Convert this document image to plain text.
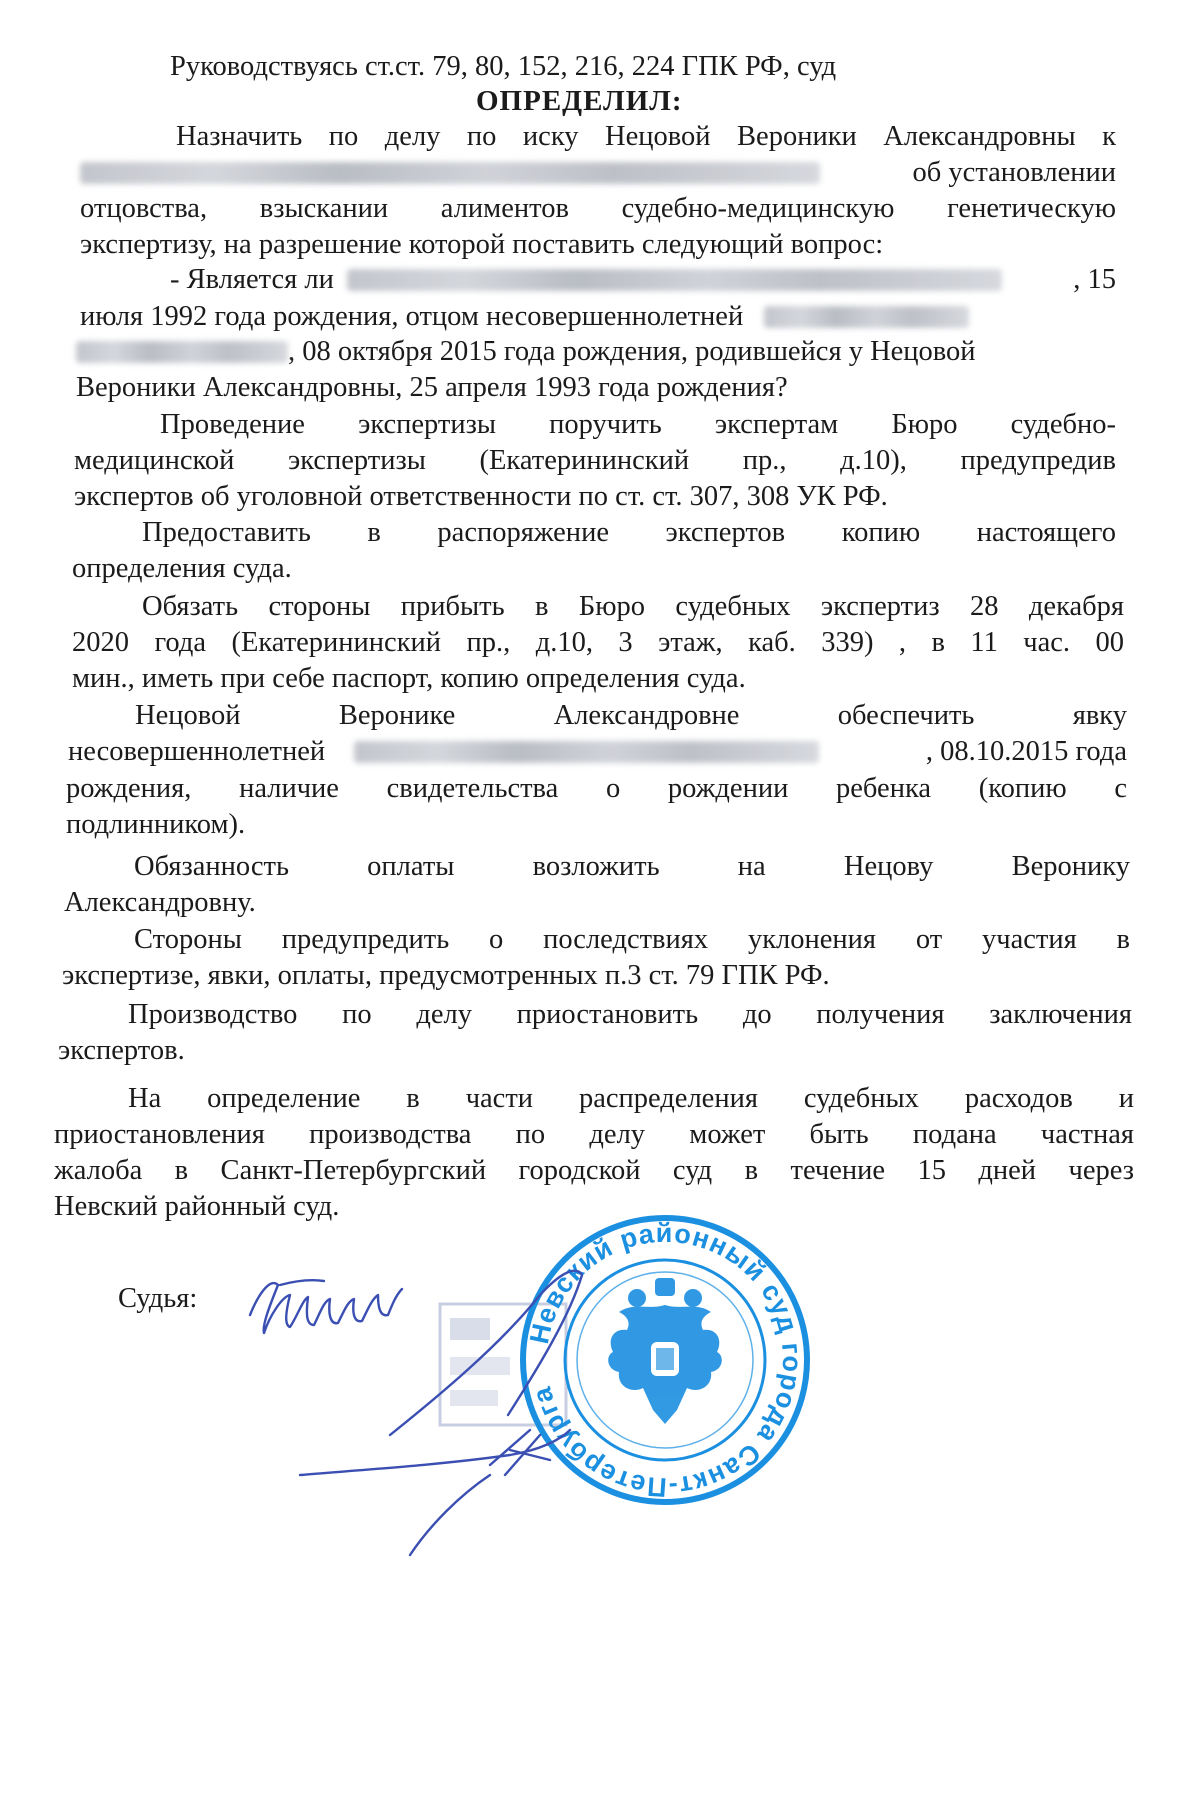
Руководствуясь ст.ст. 79, 80, 152, 216, 224 ГПК РФ, суд
ОПРЕДЕЛИЛ:
Назначить по делу по иску Нецовой Вероники Александровны к
об установлении
отцовства, взыскании алиментов судебно-медицинскую генетическую
экспертизу, на разрешение которой поставить следующий вопрос:
- Является ли	, 15
июля 1992 года рождения, отцом несовершеннолетней
, 08 октября 2015 года рождения, родившейся у Нецовой
Вероники Александровны, 25 апреля 1993 года рождения?
Проведение экспертизы поручить экспертам Бюро судебно-
медицинской экспертизы (Екатерининский пр., д.10), предупредив
экспертов об уголовной ответственности по ст. ст. 307, 308 УК РФ.
Предоставить в распоряжение экспертов копию настоящего
определения суда.
Обязать стороны прибыть в Бюро судебных экспертиз 28 декабря
2020 года (Екатерининский пр., д.10, 3 этаж, каб. 339) , в 11 час. 00
мин., иметь при себе паспорт, копию определения суда.
Нецовой Веронике Александровне обеспечить явку
несовершеннолетней	, 08.10.2015 года
рождения, наличие свидетельства о рождении ребенка (копию с
подлинником).
Обязанность оплаты возложить на Нецову Веронику
Александровну.
Стороны предупредить о последствиях уклонения от участия в
экспертизе, явки, оплаты, предусмотренных п.3 ст. 79 ГПК РФ.
Производство по делу приостановить до получения заключения
экспертов.
На определение в части распределения судебных расходов и
приостановления производства по делу может быть подана частная
жалоба в Санкт-Петербургский городской суд в течение 15 дней через
Невский районный суд.
Судья:
Невский районный суд города Санкт-Петербурга
